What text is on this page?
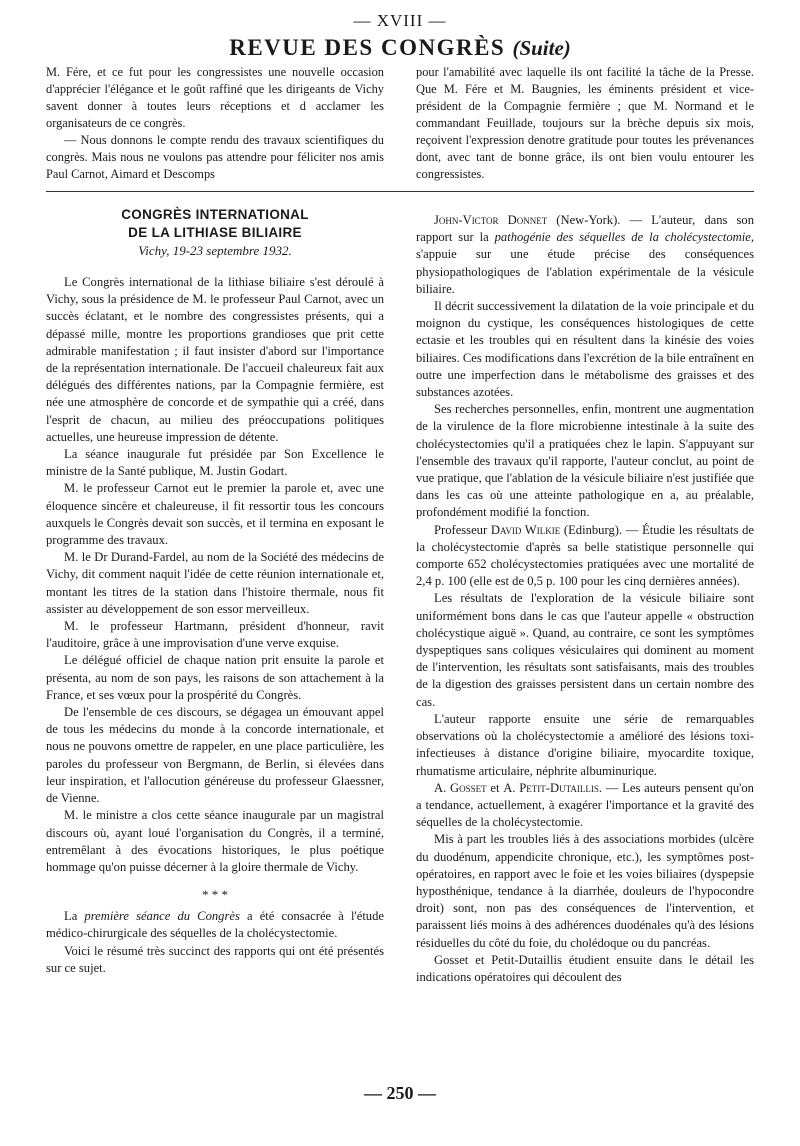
— XVIII —
REVUE DES CONGRÈS (Suite)

M. Fére, et ce fut pour les congressistes une nouvelle occasion d'apprécier l'élégance et le goût raffiné que les dirigeants de Vichy savent donner à toutes leurs réceptions et d acclamer les organisateurs de ce congrès.

— Nous donnons le compte rendu des travaux scientifiques du congrès. Mais nous ne voulons pas attendre pour féliciter nos amis Paul Carnot, Aimard et Descomps

pour l'amabilité avec laquelle ils ont facilité la tâche de la Presse. Que M. Fére et M. Baugnies, les éminents président et vice-président de la Compagnie fermière ; que M. Normand et le commandant Feuillade, toujours sur la brèche depuis six mois, reçoivent l'expression denotre gratitude pour toutes les prévenances dont, avec tant de bonne grâce, ils ont bien voulu entourer les congressistes.

CONGRÈS INTERNATIONAL
DE LA LITHIASE BILIAIRE
Vichy, 19-23 septembre 1932.

Le Congrès international de la lithiase biliaire s'est déroulé à Vichy, sous la présidence de M. le professeur Paul Carnot, avec un succès éclatant, et le nombre des congressistes présents, qui a dépassé mille, montre les proportions grandioses que prit cette admirable manifestation ; il faut insister d'abord sur l'importance de la représentation internationale. De l'accueil chaleureux fait aux délégués des différentes nations, par la Compagnie fermière, est née une atmosphère de concorde et de sympathie qui a créé, dans l'esprit de chacun, au milieu des préoccupations politiques actuelles, une heureuse impression de détente.

La séance inaugurale fut présidée par Son Excellence le ministre de la Santé publique, M. Justin Godart.

M. le professeur Carnot eut le premier la parole et, avec une éloquence sincère et chaleureuse, il fit ressortir tous les concours auxquels le Congrès devait son succès, et il termina en exposant le programme des travaux.

M. le Dr Durand-Fardel, au nom de la Société des médecins de Vichy, dit comment naquit l'idée de cette réunion internationale et, montant les titres de la station dans l'histoire thermale, nous fit assister au développement de son essor merveilleux.

M. le professeur Hartmann, président d'honneur, ravit l'auditoire, grâce à une improvisation d'une verve exquise.

Le délégué officiel de chaque nation prit ensuite la parole et présenta, au nom de son pays, les raisons de son attachement à la France, et ses vœux pour la prospérité du Congrès.

De l'ensemble de ces discours, se dégagea un émouvant appel de tous les médecins du monde à la concorde internationale, et nous ne pouvons omettre de rappeler, en une place particulière, les paroles du professeur von Bergmann, de Berlin, si élevées dans leur inspiration, et l'allocution généreuse du professeur Glaessner, de Vienne.

M. le ministre a clos cette séance inaugurale par un magistral discours où, ayant loué l'organisation du Congrès, il a terminé, entremêlant à des évocations historiques, le plus poétique hommage qu'on puisse décerner à la gloire thermale de Vichy.

* * *

La première séance du Congrès a été consacrée à l'étude médico-chirurgicale des séquelles de la cholécystectomie.

Voici le résumé très succinct des rapports qui ont été présentés sur ce sujet.

John-Victor Donnet (New-York). — L'auteur, dans son rapport sur la pathogénie des séquelles de la cholécystectomie, s'appuie sur une étude précise des conséquences physiopathologiques de l'ablation expérimentale de la vésicule biliaire.

Il décrit successivement la dilatation de la voie principale et du moignon du cystique, les conséquences histologiques de cette ectasie et les troubles qui en résultent dans la kinésie des voies biliaires. Ces modifications dans l'excrétion de la bile entraînent en outre une imperfection dans le métabolisme des graisses et des substances azotées.

Ses recherches personnelles, enfin, montrent une augmentation de la virulence de la flore microbienne intestinale à la suite des cholécystectomies qu'il a pratiquées chez le lapin. S'appuyant sur l'ensemble des travaux qu'il rapporte, l'auteur conclut, au point de vue pratique, que l'ablation de la vésicule biliaire n'est justifiée que dans les cas où une atteinte pathologique en a, au préalable, profondément modifié la fonction.

Professeur David Wilkie (Edinburg). — Étudie les résultats de la cholécystectomie d'après sa belle statistique personnelle qui comporte 652 cholécystectomies pratiquées avec une mortalité de 2,4 p. 100 (elle est de 0,5 p. 100 pour les cinq dernières années).

Les résultats de l'exploration de la vésicule biliaire sont uniformément bons dans le cas que l'auteur appelle « obstruction cholécystique aiguë ». Quand, au contraire, ce sont les symptômes dyspeptiques sans coliques vésiculaires qui dominent au moment de l'intervention, les résultats sont satisfaisants, mais des troubles de la digestion des graisses persistent dans un certain nombre des cas.

L'auteur rapporte ensuite une série de remarquables observations où la cholécystectomie a amélioré des lésions toxi-infectieuses à distance d'origine biliaire, myocardite toxique, rhumatisme articulaire, néphrite albuminurique.

A. Gosset et A. Petit-Dutaillis. — Les auteurs pensent qu'on a tendance, actuellement, à exagérer l'importance et la gravité des séquelles de la cholécystectomie.

Mis à part les troubles liés à des associations morbides (ulcère du duodénum, appendicite chronique, etc.), les symptômes post-opératoires, en rapport avec le foie et les voies biliaires (dyspepsie hyposthénique, tendance à la diarrhée, douleurs de l'hypocondre droit) sont, non pas des conséquences de l'intervention, et paraissent liés moins à des adhérences duodénales qu'à des lésions résiduelles du côté du foie, du cholédoque ou du pancréas.

Gosset et Petit-Dutaillis étudient ensuite dans le détail les indications opératoires qui découlent des

— 250 —
